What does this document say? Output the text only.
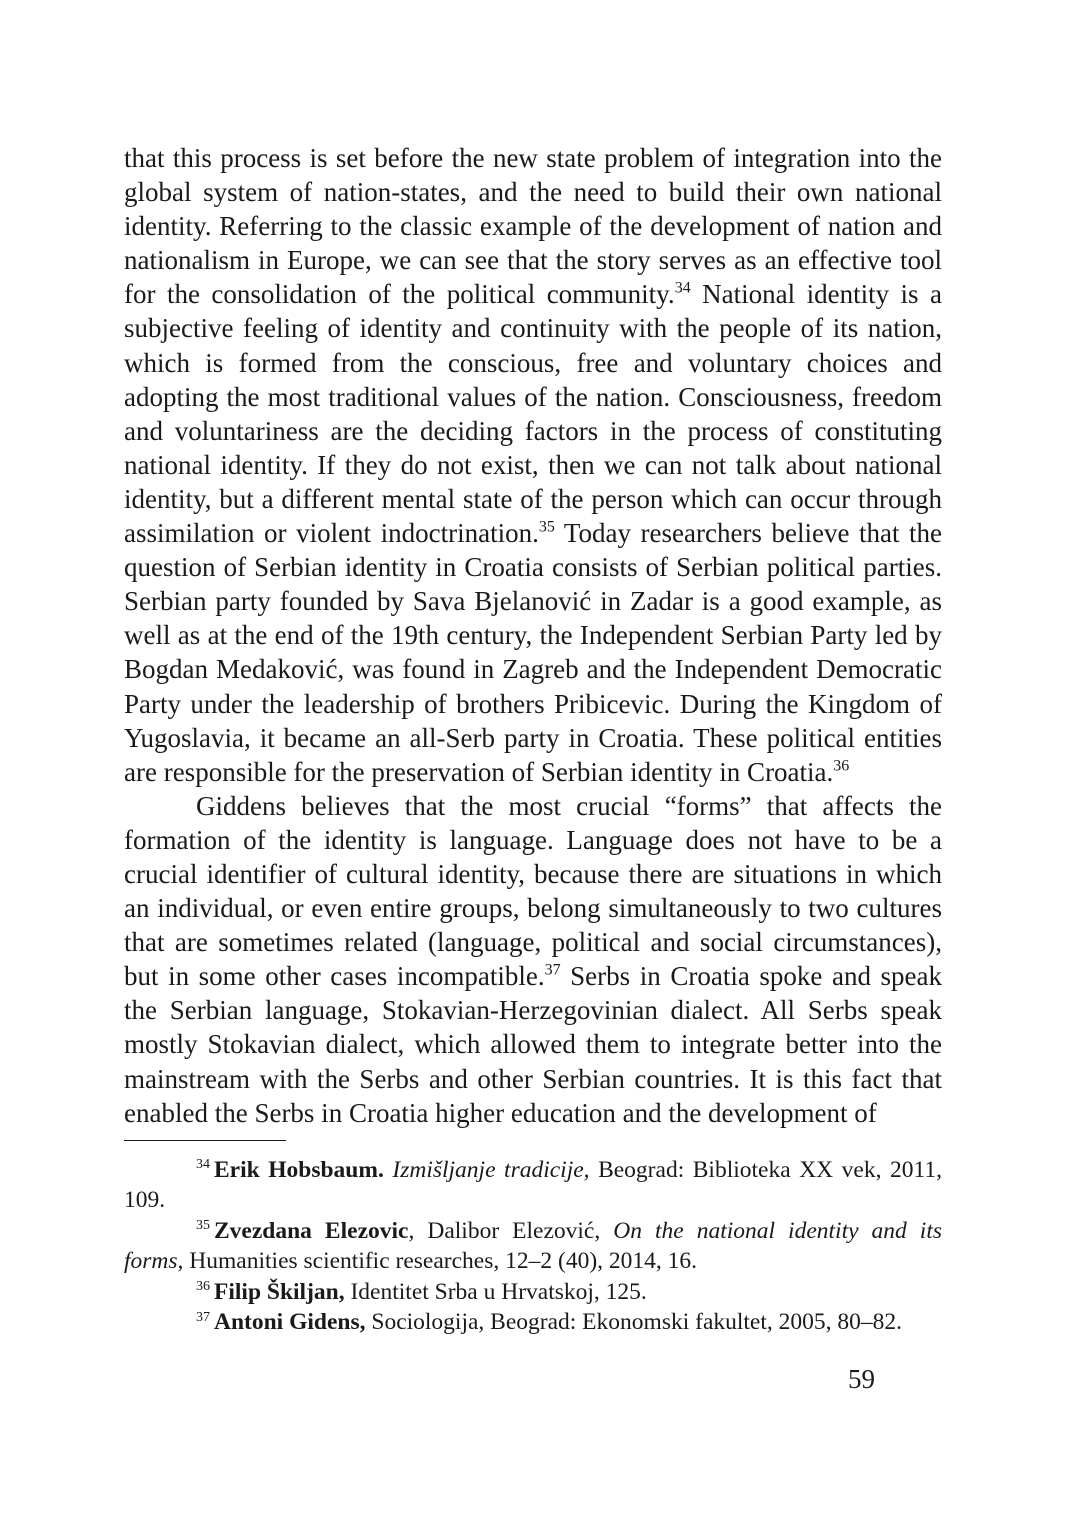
that this process is set before the new state problem of integration into the global system of nation-states, and the need to build their own national identity. Referring to the classic example of the development of nation and nationalism in Europe, we can see that the story serves as an effective tool for the consolidation of the political community.$^{34}$ National identity is a subjective feeling of identity and continuity with the people of its nation, which is formed from the conscious, free and voluntary choices and adopting the most traditional values of the nation. Consciousness, freedom and voluntariness are the deciding factors in the process of constituting national identity. If they do not exist, then we can not talk about national identity, but a different mental state of the person which can occur through assimilation or violent indoctrination.$^{35}$ Today researchers believe that the question of Serbian identity in Croatia consists of Serbian political parties. Serbian party founded by Sava Bjelanović in Zadar is a good example, as well as at the end of the 19th century, the Independent Serbian Party led by Bogdan Medaković, was found in Zagreb and the Independent Democratic Party under the leadership of brothers Pribicevic. During the Kingdom of Yugoslavia, it became an all-Serb party in Croatia. These political entities are responsible for the preservation of Serbian identity in Croatia.$^{36}$

Giddens believes that the most crucial “forms” that affects the formation of the identity is language. Language does not have to be a crucial identifier of cultural identity, because there are situations in which an individual, or even entire groups, belong simultaneously to two cultures that are sometimes related (language, political and social circumstances), but in some other cases incompatible.$^{37}$ Serbs in Croatia spoke and speak the Serbian language, Stokavian-Herzegovinian dialect. All Serbs speak mostly Stokavian dialect, which allowed them to integrate better into the mainstream with the Serbs and other Serbian countries. It is this fact that enabled the Serbs in Croatia higher education and the development of

$^{34}$ Erik Hobsbaum. Izmišljanje tradicije, Beograd: Biblioteka XX vek, 2011, 109.

$^{35}$ Zvezdana Elezovic, Dalibor Elezović, On the national identity and its forms, Humanities scientific researches, 12–2 (40), 2014, 16.

$^{36}$ Filip Škiljan, Identitet Srba u Hrvatskoj, 125.

$^{37}$ Antoni Gidens, Sociologija, Beograd: Ekonomski fakultet, 2005, 80–82.

59
